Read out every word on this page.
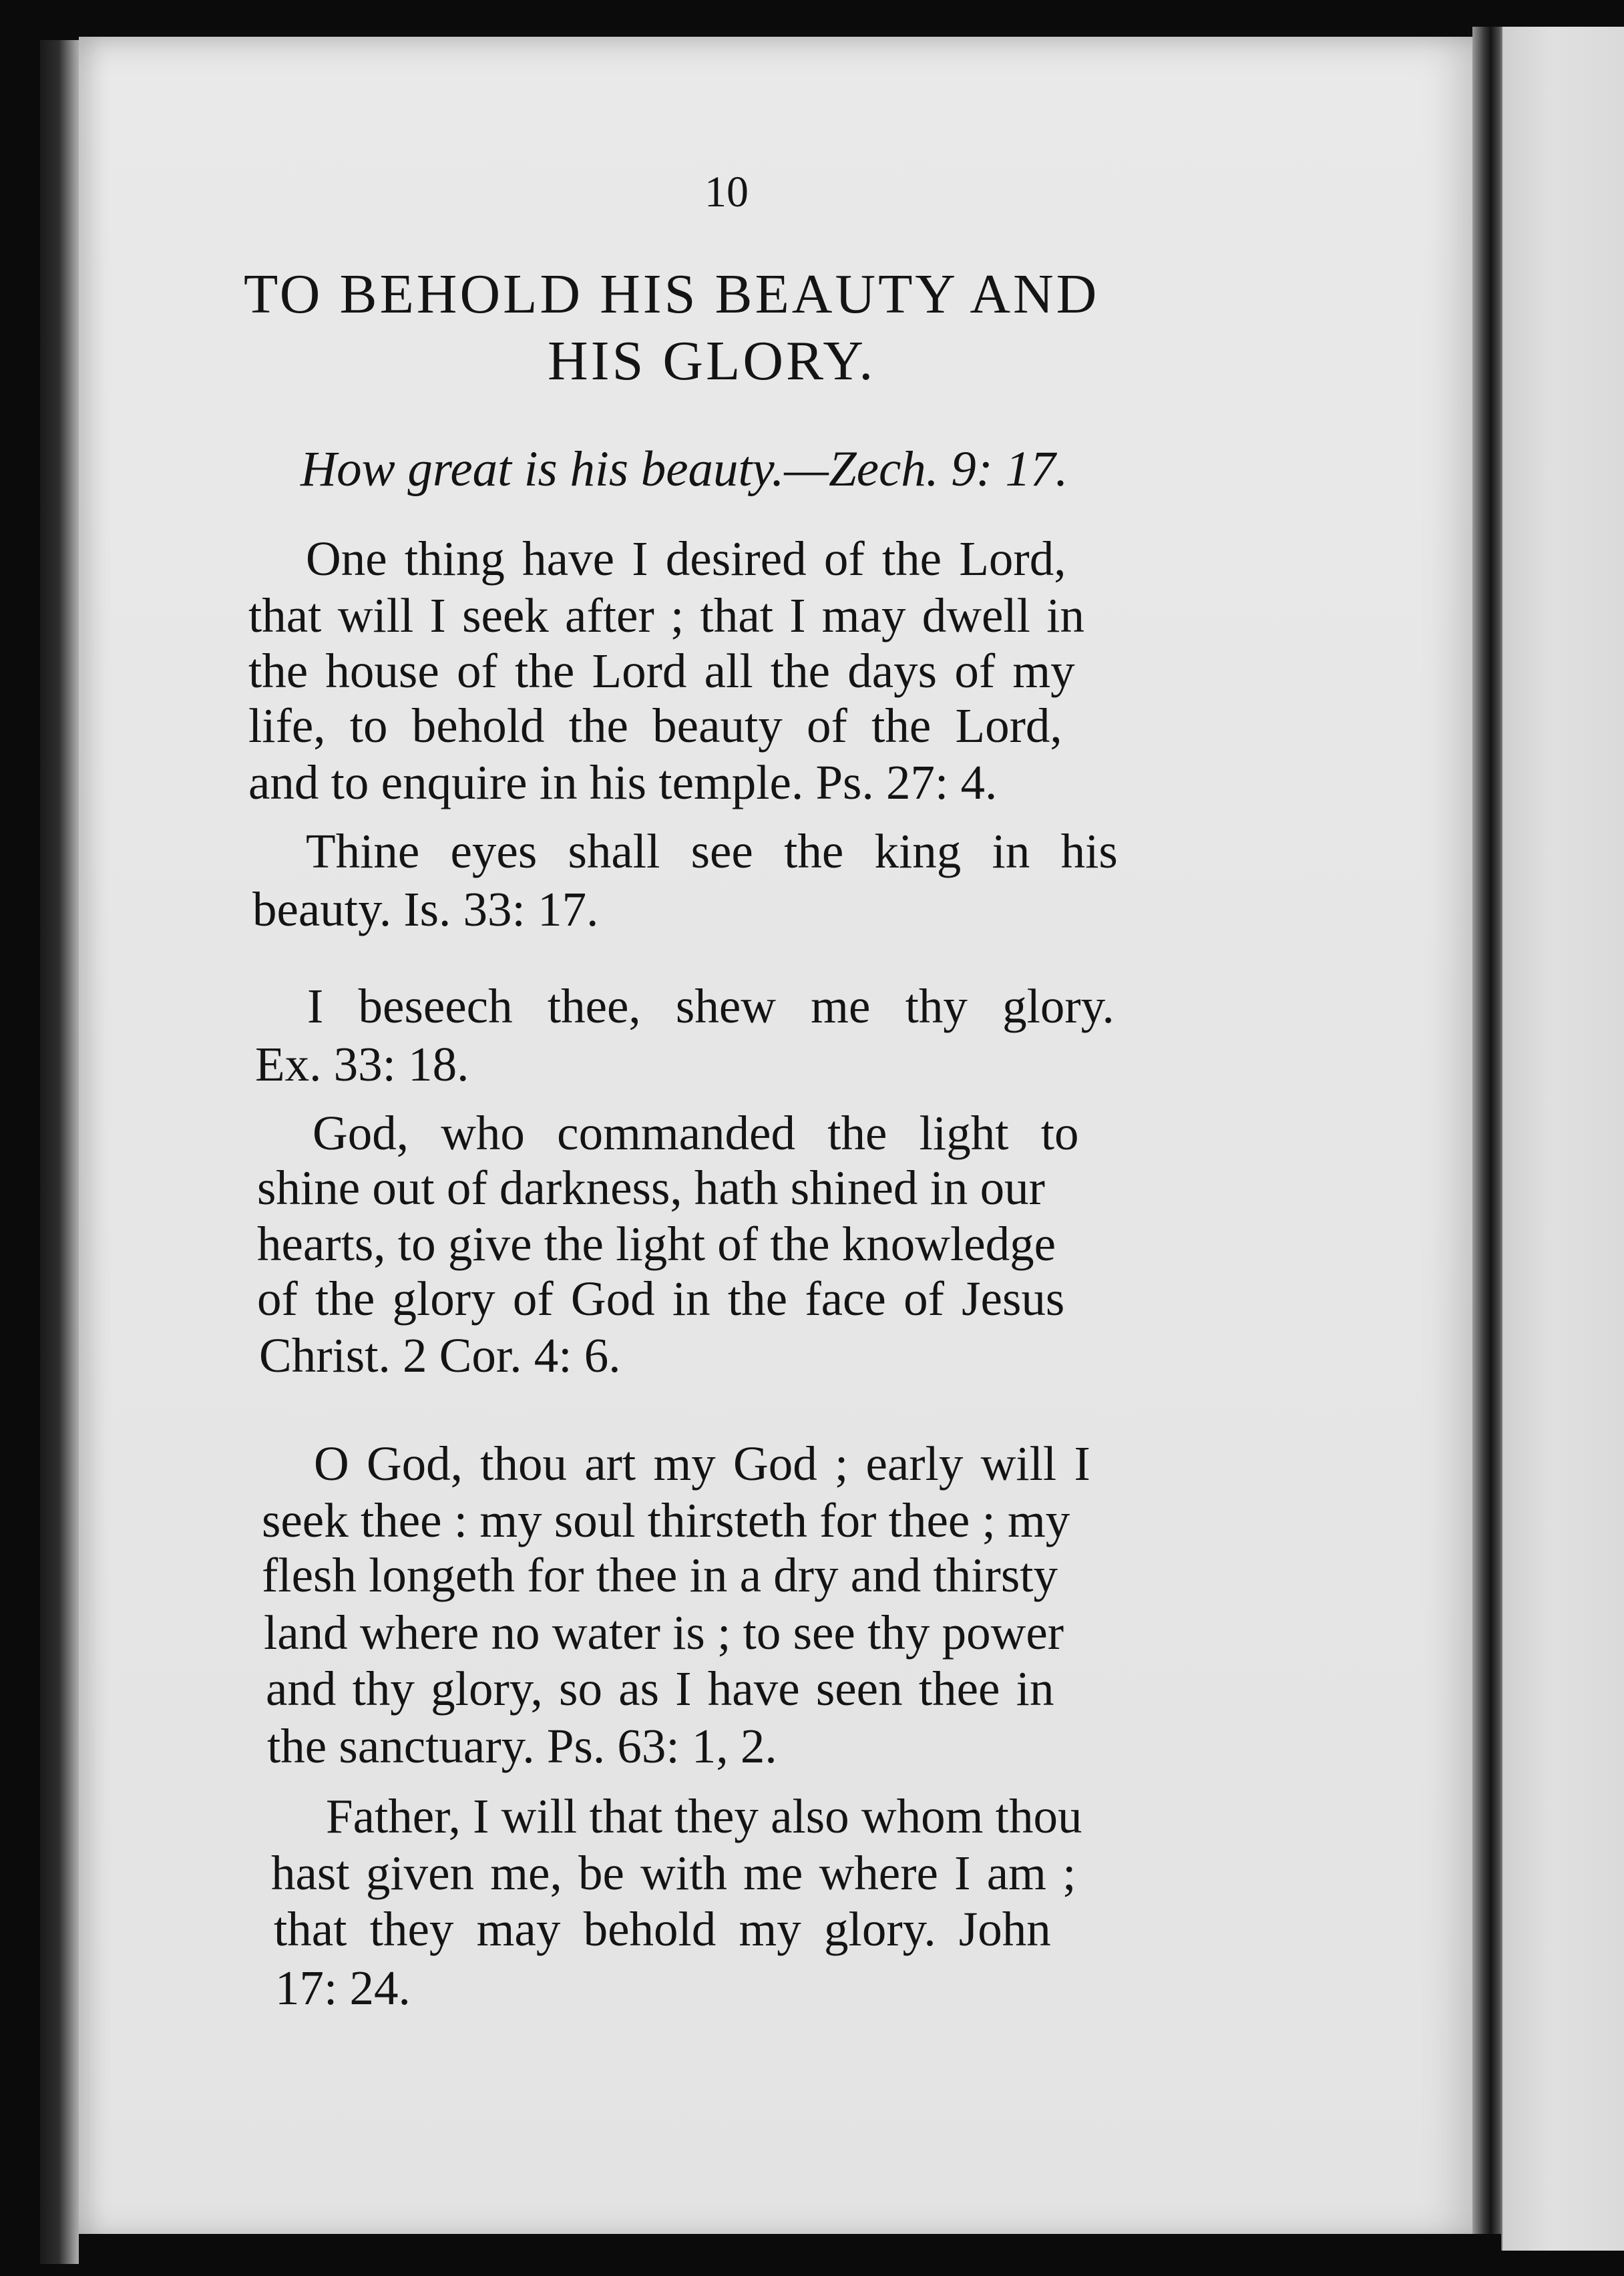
10
TO BEHOLD HIS BEAUTY AND
HIS GLORY.
How great is his beauty.—Zech. 9: 17.
One thing have I desired of the Lord,
that will I seek after ; that I may dwell in
the house of the Lord all the days of my
life, to behold the beauty of the Lord,
and to enquire in his temple. Ps. 27: 4.
Thine eyes shall see the king in his
beauty. Is. 33: 17.
I beseech thee, shew me thy glory.
Ex. 33: 18.
God, who commanded the light to
shine out of darkness, hath shined in our
hearts, to give the light of the knowledge
of the glory of God in the face of Jesus
Christ. 2 Cor. 4: 6.
O God, thou art my God ; early will I
seek thee : my soul thirsteth for thee ; my
flesh longeth for thee in a dry and thirsty
land where no water is ; to see thy power
and thy glory, so as I have seen thee in
the sanctuary. Ps. 63: 1, 2.
Father, I will that they also whom thou
hast given me, be with me where I am ;
that they may behold my glory. John
17: 24.
